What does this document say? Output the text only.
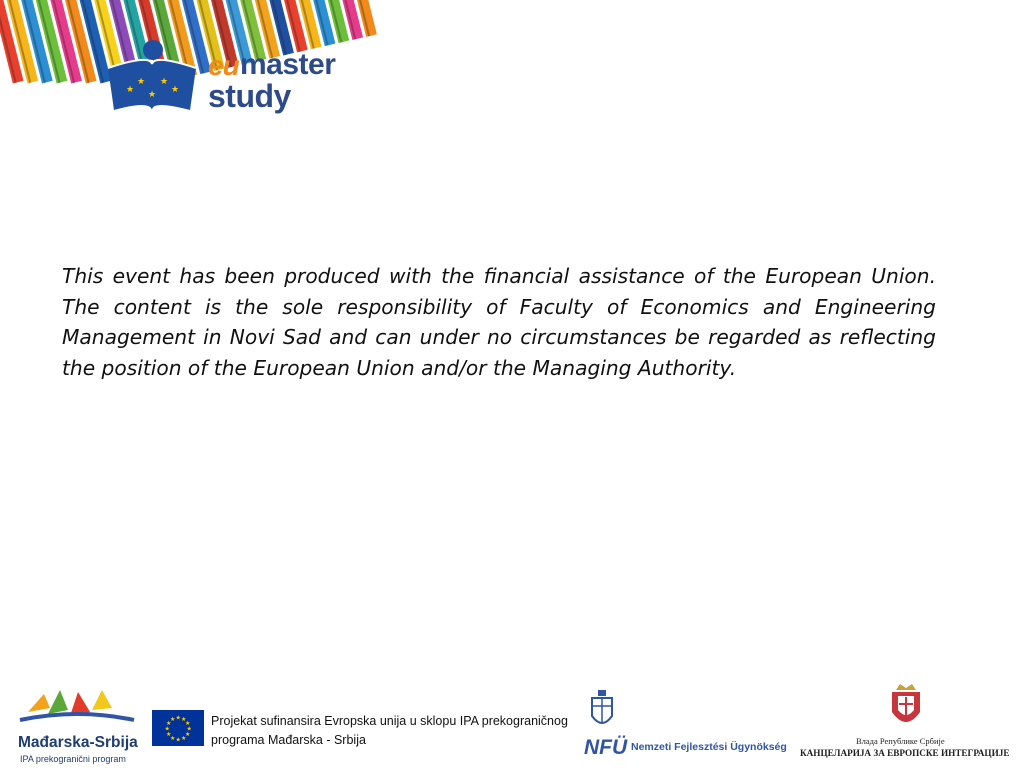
★
★
★
★
★
eu master
study

This event has been produced with the financial assistance of the European Union. The content is the sole responsibility of Faculty of Economics and Engineering Management in Novi Sad and can under no circumstances be regarded as reflecting the position of the European Union and/or the Managing Authority.

Mađarska-Srbija
IPA prekogranični program
★
★
★
★
★
★
★
★
★ ★ ★
★ Projekat sufinansira Evropska unija u sklopu IPA prekograničnog
programa Mađarska - Srbija	NFÜ Nemzeti Fejlesztési Ügynökség	Влада Републике Србије
КАНЦЕЛАРИЈА ЗА ЕВРОПСКЕ ИНТЕГРАЦИЈЕ
